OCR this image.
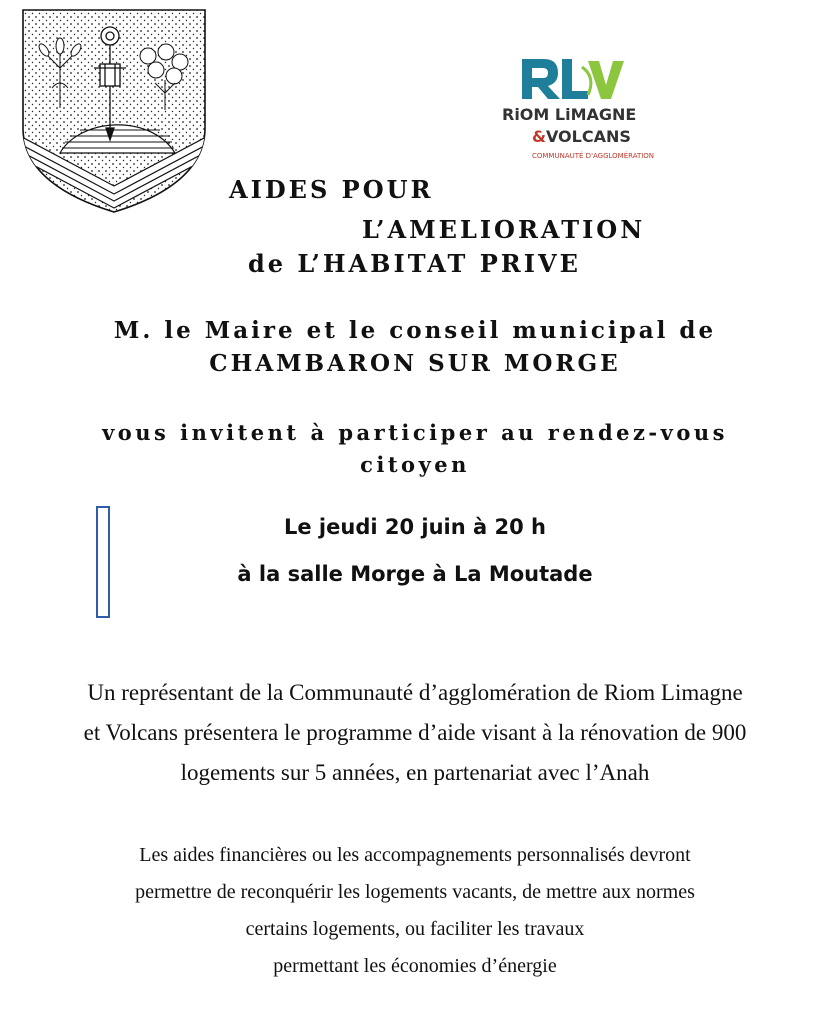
RiOM LiMAGNE
&VOLCANS
COMMUNAUTÉ D'AGGLOMÉRATION
AIDES POUR
L’AMELIORATION
de L’HABITAT PRIVE
M. le Maire et le conseil municipal de
CHAMBARON SUR MORGE
vous invitent à participer au rendez-vous
citoyen
Le jeudi 20 juin à 20 h
à la salle Morge à La Moutade
Un représentant de la Communauté d’agglomération de Riom Limagne
et Volcans présentera le programme d’aide visant à la rénovation de 900
logements sur 5 années, en partenariat avec l’Anah
Les aides financières ou les accompagnements personnalisés devront
permettre de reconquérir les logements vacants, de mettre aux normes
certains logements, ou faciliter les travaux
permettant les économies d’énergie
